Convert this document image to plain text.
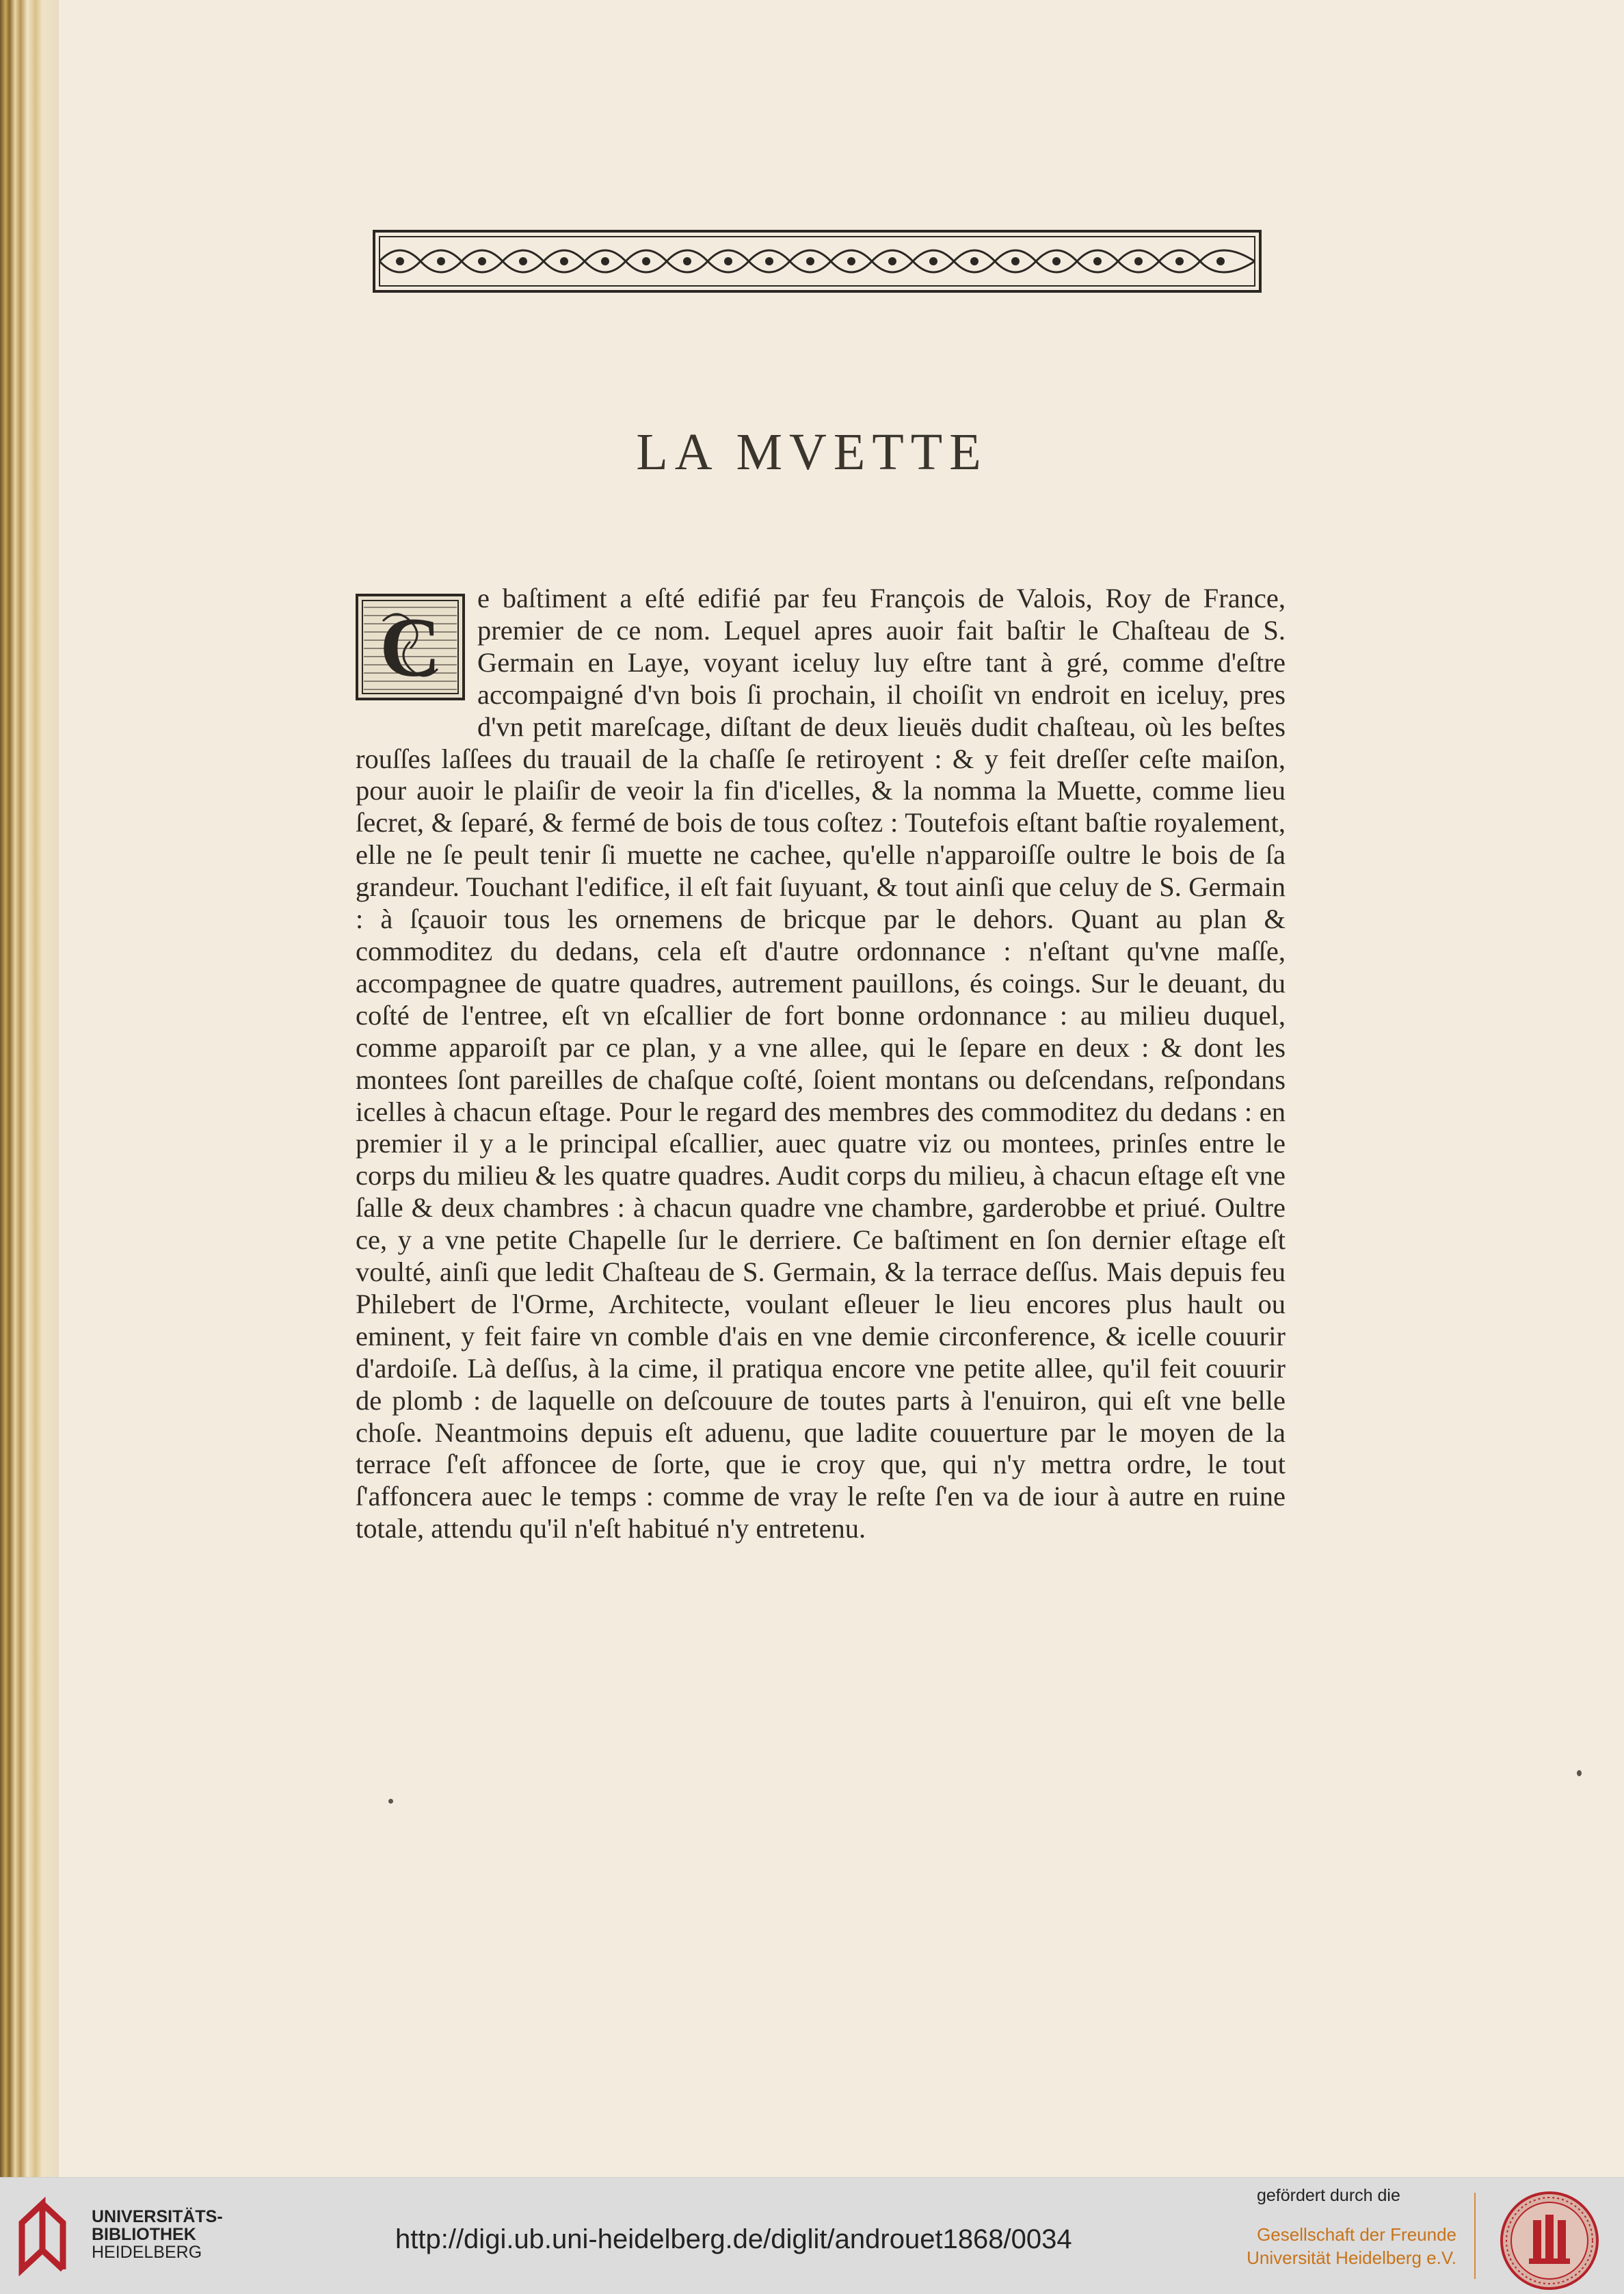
LA MVETTE
C

e baſtiment a eſté edifié par feu François de Valois, Roy de France, premier de ce nom. Lequel apres auoir fait baſtir le Chaſteau de S. Germain en Laye, voyant iceluy luy eſtre tant à gré, comme d'eſtre accompaigné d'vn bois ſi prochain, il choiſit vn endroit en iceluy, pres d'vn petit mareſcage, diſtant de deux lieuës dudit chaſteau, où les beſtes rouſſes laſſees du trauail de la chaſſe ſe retiroyent : & y feit dreſſer ceſte maiſon, pour auoir le plaiſir de veoir la fin d'icelles, & la nomma la Muette, comme lieu ſecret, & ſeparé, & fermé de bois de tous coſtez : Toutefois eſtant baſtie royalement, elle ne ſe peult tenir ſi muette ne cachee, qu'elle n'apparoiſſe oultre le bois de ſa grandeur. Touchant l'edifice, il eſt fait ſuyuant, & tout ainſi que celuy de S. Germain : à ſçauoir tous les ornemens de bricque par le dehors. Quant au plan & commoditez du dedans, cela eſt d'autre ordonnance : n'eſtant qu'vne maſſe, accompagnee de quatre quadres, autrement pauillons, és coings. Sur le deuant, du coſté de l'entree, eſt vn eſcallier de fort bonne ordonnance : au milieu duquel, comme apparoiſt par ce plan, y a vne allee, qui le ſepare en deux : & dont les montees ſont pareilles de chaſque coſté, ſoient montans ou deſcendans, reſpondans icelles à chacun eſtage. Pour le regard des membres des commoditez du dedans : en premier il y a le principal eſcallier, auec quatre viz ou montees, prinſes entre le corps du milieu & les quatre quadres. Audit corps du milieu, à chacun eſtage eſt vne ſalle & deux chambres : à chacun quadre vne chambre, garderobbe et priué. Oultre ce, y a vne petite Chapelle ſur le derriere. Ce baſtiment en ſon dernier eſtage eſt voulté, ainſi que ledit Chaſteau de S. Germain, & la terrace deſſus. Mais depuis feu Philebert de l'Orme, Architecte, voulant eſleuer le lieu encores plus hault ou eminent, y feit faire vn comble d'ais en vne demie circonference, & icelle couurir d'ardoiſe. Là deſſus, à la cime, il pratiqua encore vne petite allee, qu'il feit couurir de plomb : de laquelle on deſcouure de toutes parts à l'enuiron, qui eſt vne belle choſe. Neantmoins depuis eſt aduenu, que ladite couuerture par le moyen de la terrace ſ'eſt affoncee de ſorte, que ie croy que, qui n'y mettra ordre, le tout ſ'affoncera auec le temps : comme de vray le reſte ſ'en va de iour à autre en ruine totale, attendu qu'il n'eſt habitué n'y entretenu.

UNIVERSITÄTS-
BIBLIOTHEK
HEIDELBERG	http://digi.ub.uni-heidelberg.de/diglit/androuet1868/0034
gefördert durch die
Gesellschaft der Freunde
Universität Heidelberg e.V.
